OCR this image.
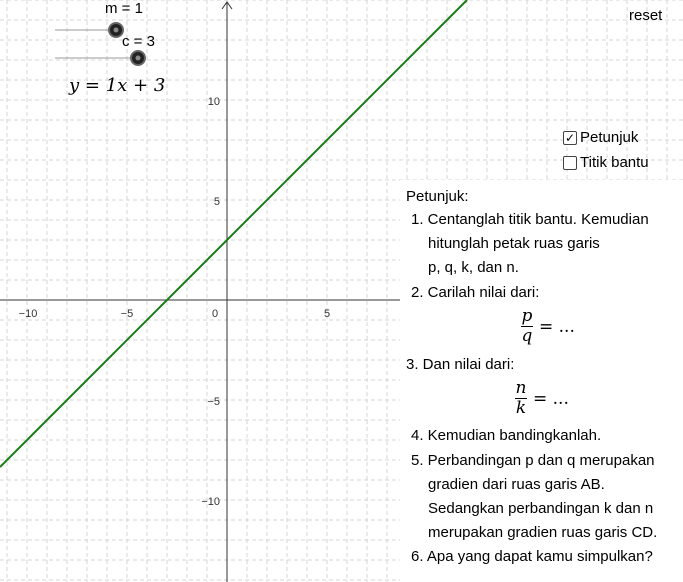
−10	−5	0	5
10
5
−5
−10
m = 1
c = 3
y = 1x + 3
reset
✓ Petunjuk
Titik bantu
Petunjuk:
1. Centanglah titik bantu. Kemudian
hitunglah petak ruas garis
p, q, k, dan n.
2. Carilah nilai dari:
$\frac{p}{q}$ = ...
3. Dan nilai dari:
$\frac{n}{k}$ = ...
4. Kemudian bandingkanlah.
5. Perbandingan p dan q merupakan
gradien dari ruas garis AB.
Sedangkan perbandingan k dan n
merupakan gradien ruas garis CD.
6. Apa yang dapat kamu simpulkan?
